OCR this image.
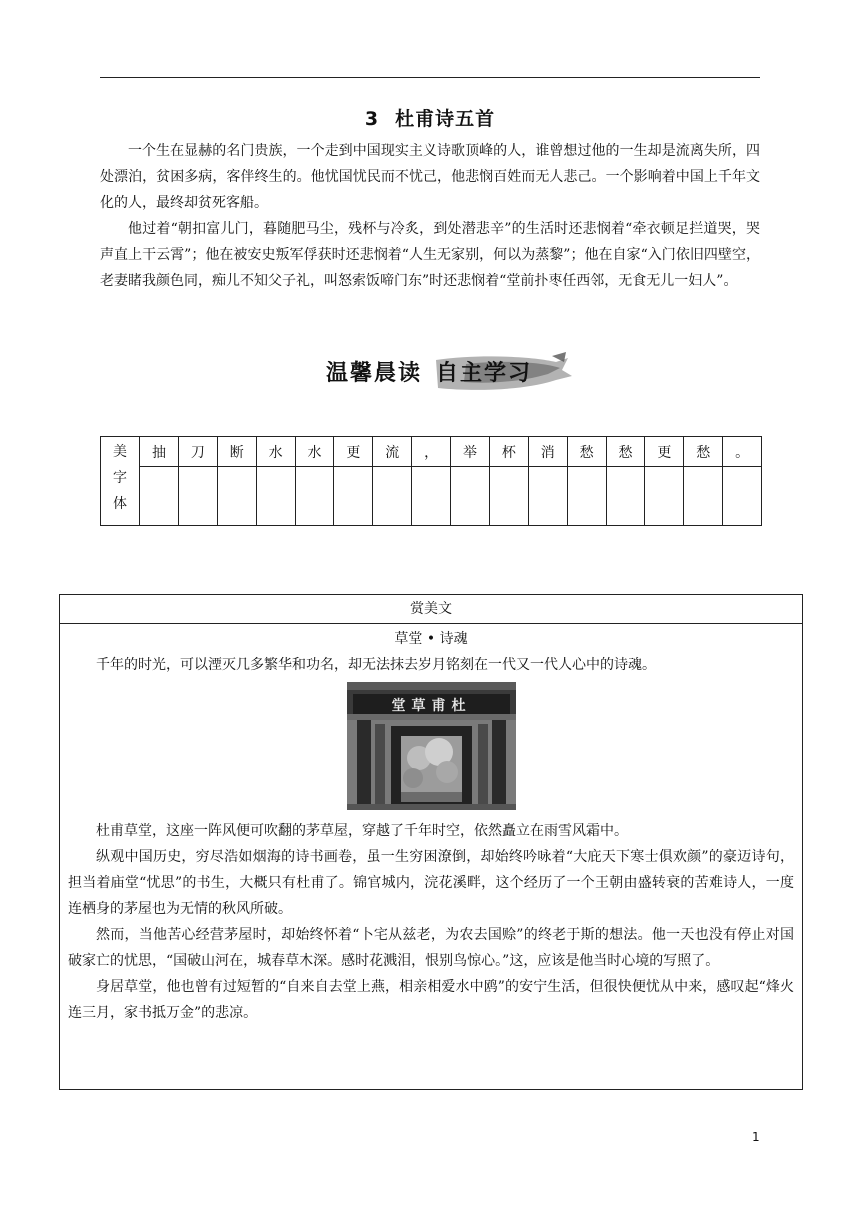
3 杜甫诗五首

一个生在显赫的名门贵族，一个走到中国现实主义诗歌顶峰的人，谁曾想过他的一生却是流离失所，四处漂泊，贫困多病，客伴终生的。他忧国忧民而不忧己，他悲悯百姓而无人悲己。一个影响着中国上千年文化的人，最终却贫死客船。

他过着“朝扣富儿门，暮随肥马尘，残杯与冷炙，到处潜悲辛”的生活时还悲悯着“牵衣顿足拦道哭，哭声直上干云霄”；他在被安史叛军俘获时还悲悯着“人生无家别，何以为蒸黎”；他在自家“入门依旧四壁空，老妻睹我颜色同，痴儿不知父子礼，叫怒索饭啼门东”时还悲悯着“堂前扑枣任西邻，无食无儿一妇人”。

温馨晨读 自主学习
美字体	抽	刀	断	水	水	更	流	，	举	杯	消	愁	愁	更	愁	。

赏美文
草堂 • 诗魂

千年的时光，可以湮灭几多繁华和功名，却无法抹去岁月铭刻在一代又一代人心中的诗魂。

堂草甫杜

杜甫草堂，这座一阵风便可吹翻的茅草屋，穿越了千年时空，依然矗立在雨雪风霜中。

纵观中国历史，穷尽浩如烟海的诗书画卷，虽一生穷困潦倒，却始终吟咏着“大庇天下寒士俱欢颜”的豪迈诗句，担当着庙堂“忧思”的书生，大概只有杜甫了。锦官城内，浣花溪畔，这个经历了一个王朝由盛转衰的苦难诗人，一度连栖身的茅屋也为无情的秋风所破。

然而，当他苦心经营茅屋时，却始终怀着“卜宅从兹老，为农去国赊”的终老于斯的想法。他一天也没有停止对国破家亡的忧思，“国破山河在，城春草木深。感时花溅泪，恨别鸟惊心。”这，应该是他当时心境的写照了。

身居草堂，他也曾有过短暂的“自来自去堂上燕，相亲相爱水中鸥”的安宁生活，但很快便忧从中来，感叹起“烽火连三月，家书抵万金”的悲凉。

1
